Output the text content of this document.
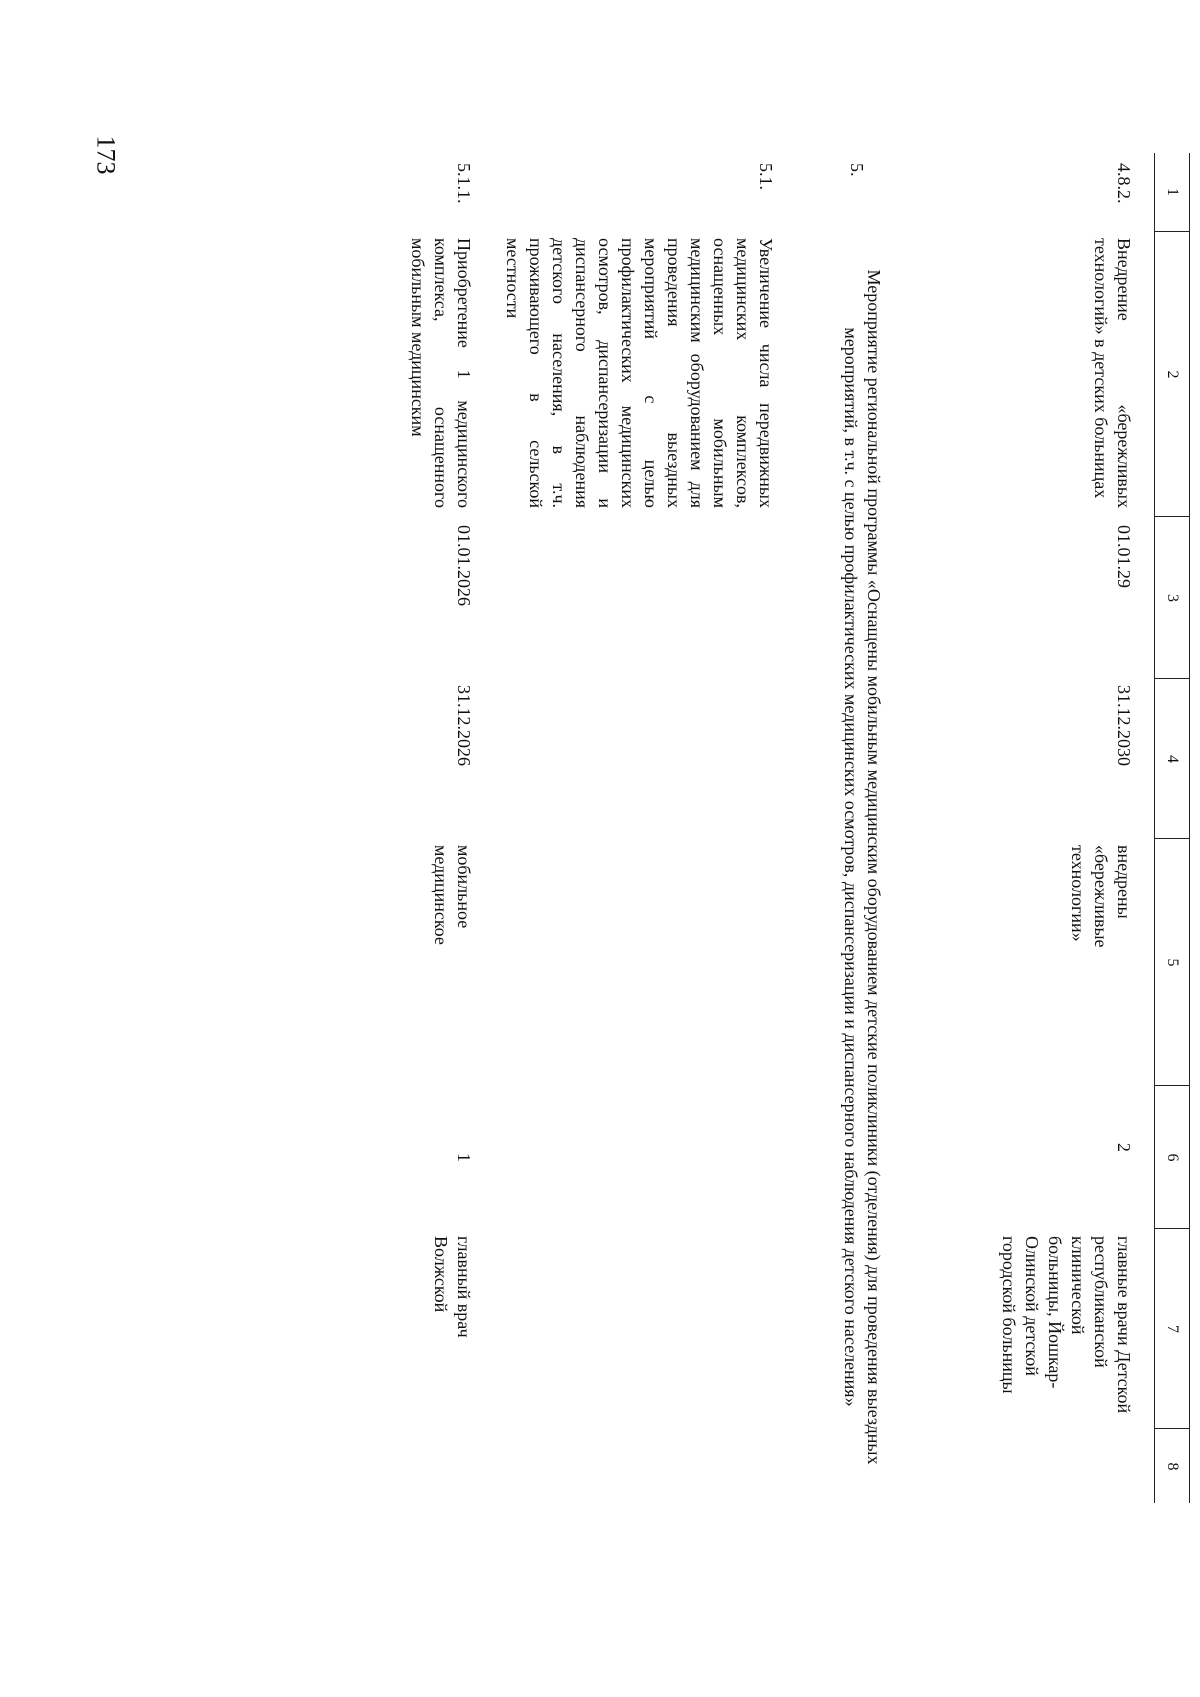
173
1
2
3
4
5
6
7
8
4.8.2.
Внедрение «бережливых технологий» в детских больницах
01.01.29
31.12.2030
внедрены «бережливые технологии»
2
главные врачи Детской республиканской клинической больницы, Йошкар-Олинской детской городской больницы
5.
Мероприятие региональной программы «Оснащены мобильным медицинским оборудованием детские поликлиники (отделения) для проведения выездных мероприятий, в т.ч. с целью профилактических медицинских осмотров, диспансеризации и диспансерного наблюдения детского населения»
5.1.
Увеличение числа передвижных медицинских комплексов, оснащенных мобильным медицинским оборудованием для проведения выездных мероприятий с целью профилактических медицинских осмотров, диспансеризации и диспансерного наблюдения детского населения, в т.ч. проживающего в сельской местности
5.1.1.
Приобретение 1 медицинского комплекса, оснащенного мобильным медицинским
01.01.2026
31.12.2026
мобильное медицинское
1
главный врач Волжской
